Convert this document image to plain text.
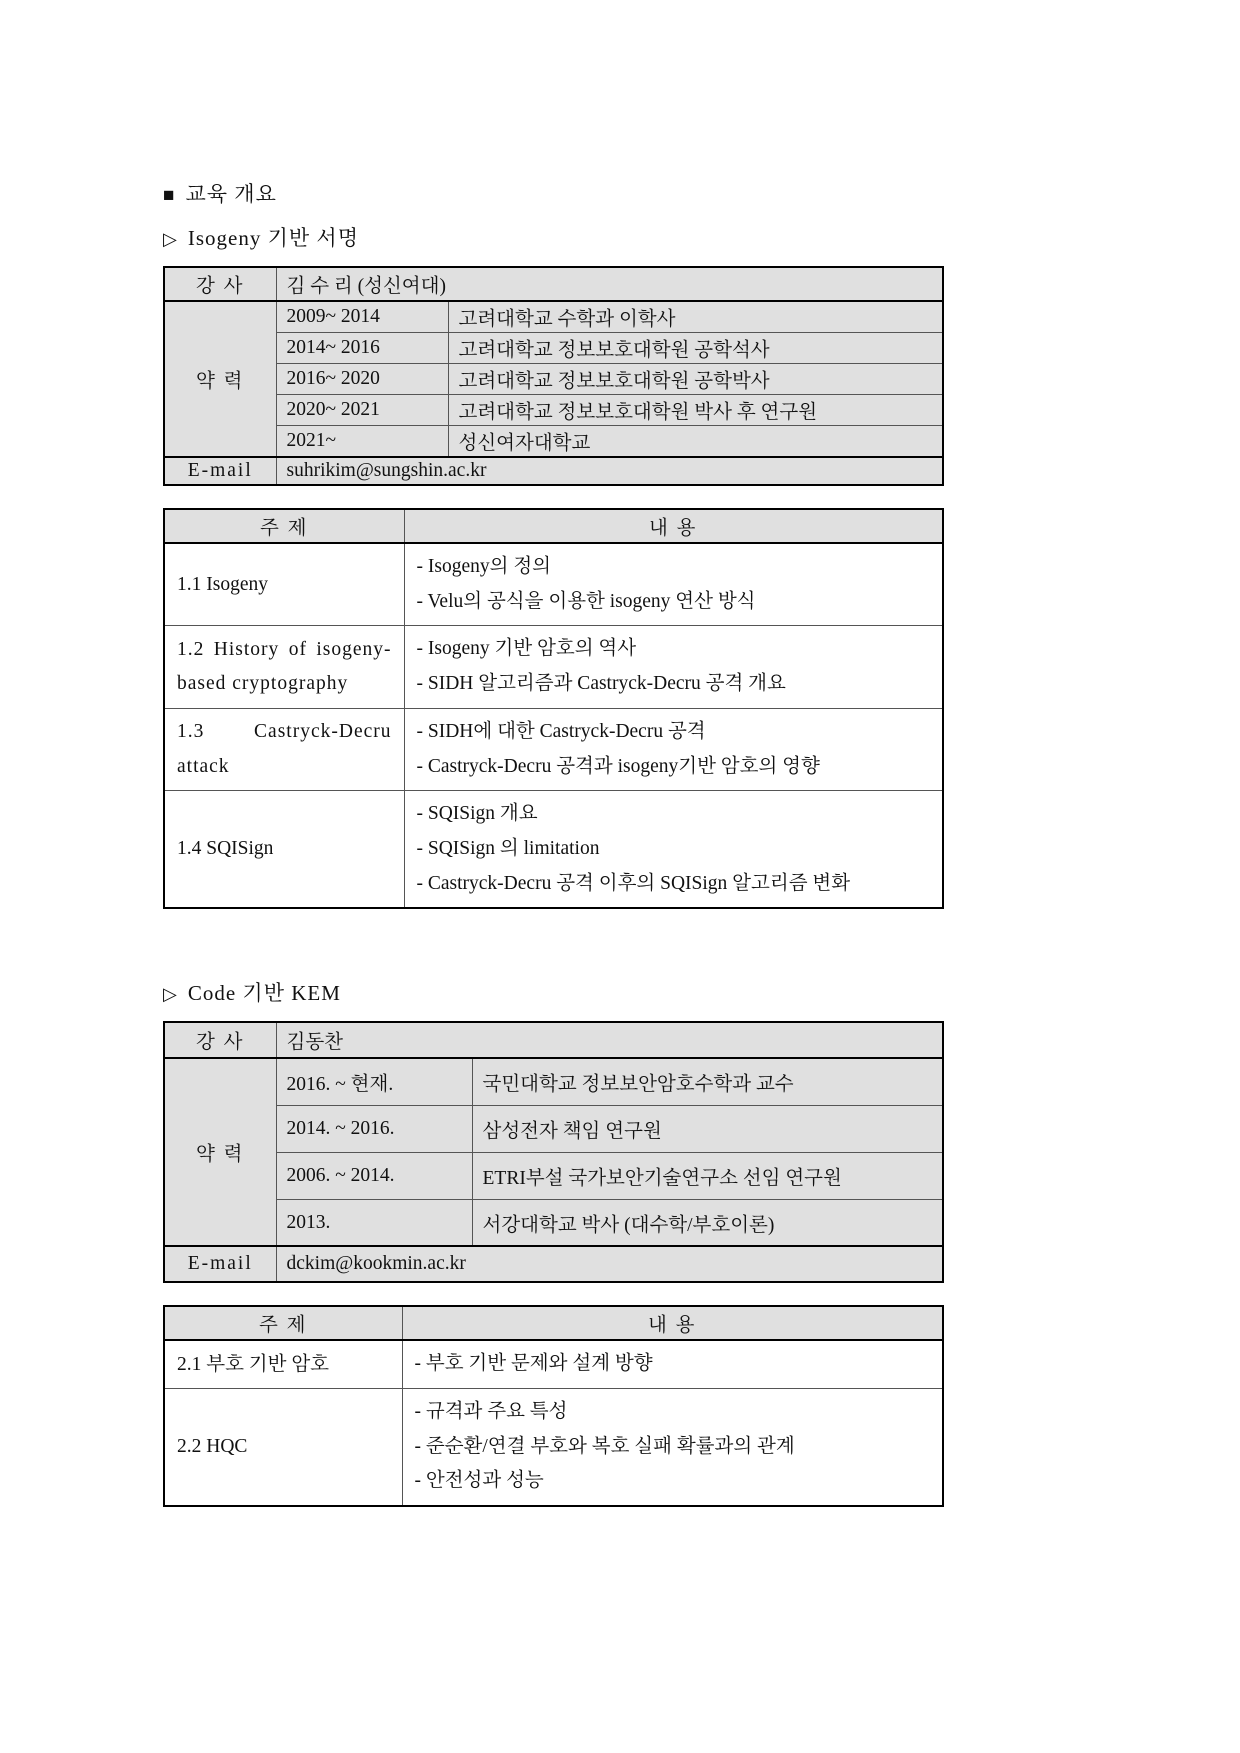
■ 교육 개요
▷ Isogeny 기반 서명
강 사	김 수 리 (성신여대)	
약 력	2009~ 2014	고려대학교 수학과 이학사
	2014~ 2016	고려대학교 정보보호대학원 공학석사
	2016~ 2020	고려대학교 정보보호대학원 공학박사
	2020~ 2021	고려대학교 정보보호대학원 박사 후 연구원
	2021~	성신여자대학교
E-mail	suhrikim@sungshin.ac.kr	
주 제	내 용
1.1 Isogeny	- Isogeny의 정의
- Velu의 공식을 이용한 isogeny 연산 방식

1.2 History of isogeny-based cryptography	- Isogeny 기반 암호의 역사
- SIDH 알고리즘과 Castryck-Decru 공격 개요

1.3 Castryck-Decru attack	- SIDH에 대한 Castryck-Decru 공격
- Castryck-Decru 공격과 isogeny기반 암호의 영향

1.4 SQISign	- SQISign 개요
- SQISign 의 limitation
- Castryck-Decru 공격 이후의 SQISign 알고리즘 변화
▷ Code 기반 KEM
강 사	김동찬	
약 력	2016. ~ 현재.	국민대학교 정보보안암호수학과 교수
	2014. ~ 2016.	삼성전자 책임 연구원
	2006. ~ 2014.	ETRI부설 국가보안기술연구소 선임 연구원
	2013.	서강대학교 박사 (대수학/부호이론)
E-mail	dckim@kookmin.ac.kr	
주 제	내 용
2.1 부호 기반 암호	- 부호 기반 문제와 설계 방향

2.2 HQC	- 규격과 주요 특성
- 준순환/연결 부호와 복호 실패 확률과의 관계
- 안전성과 성능
